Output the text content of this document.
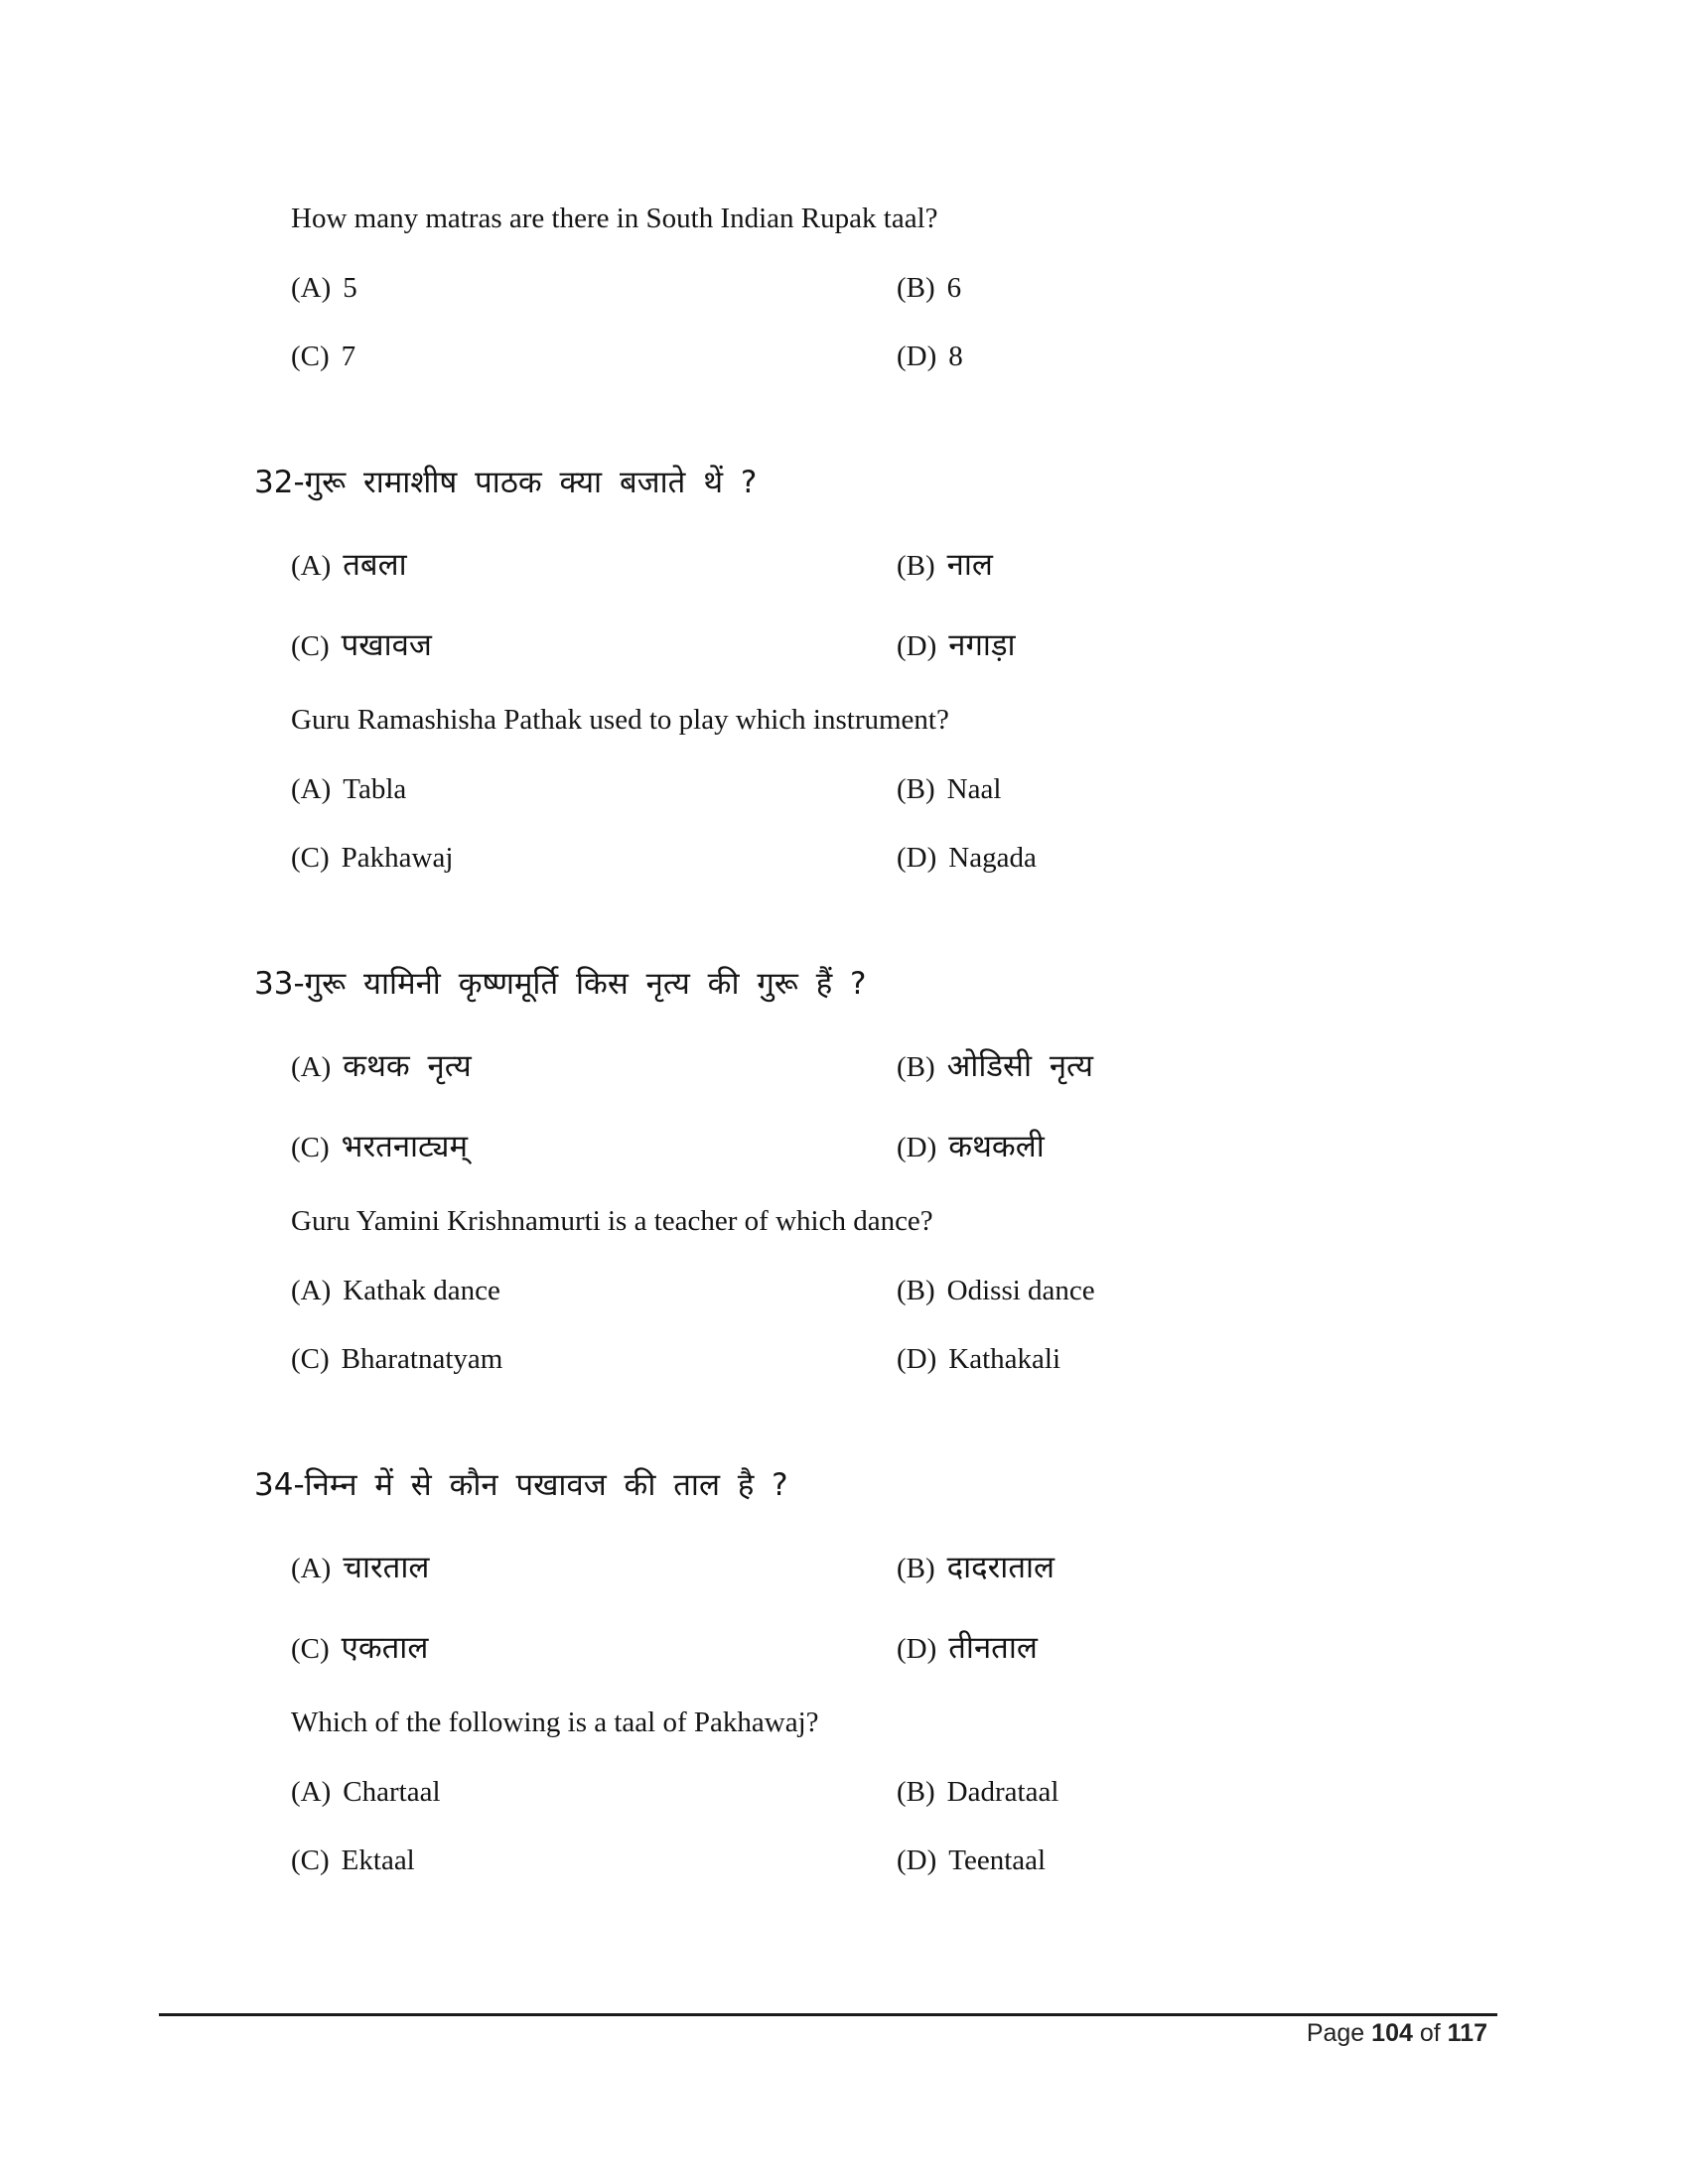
How many matras are there in South Indian Rupak taal?
(A) 5	(B) 6
(C) 7	(D) 8
32-गुरू रामाशीष पाठक क्या बजाते थें ?
(A) तबला	(B) नाल
(C) पखावज	(D) नगाड़ा
Guru Ramashisha Pathak used to play which instrument?
(A) Tabla	(B) Naal
(C) Pakhawaj	(D) Nagada
33-गुरू यामिनी कृष्णमूर्ति किस नृत्य की गुरू हैं ?
(A) कथक नृत्य	(B) ओडिसी नृत्य
(C) भरतनाट्यम्	(D) कथकली
Guru Yamini Krishnamurti is a teacher of which dance?
(A) Kathak dance	(B) Odissi dance
(C) Bharatnatyam	(D) Kathakali
34-निम्न में से कौन पखावज की ताल है ?
(A) चारताल	(B) दादराताल
(C) एकताल	(D) तीनताल
Which of the following is a taal of Pakhawaj?
(A) Chartaal	(B) Dadrataal
(C) Ektaal	(D) Teentaal
Page 104 of 117
